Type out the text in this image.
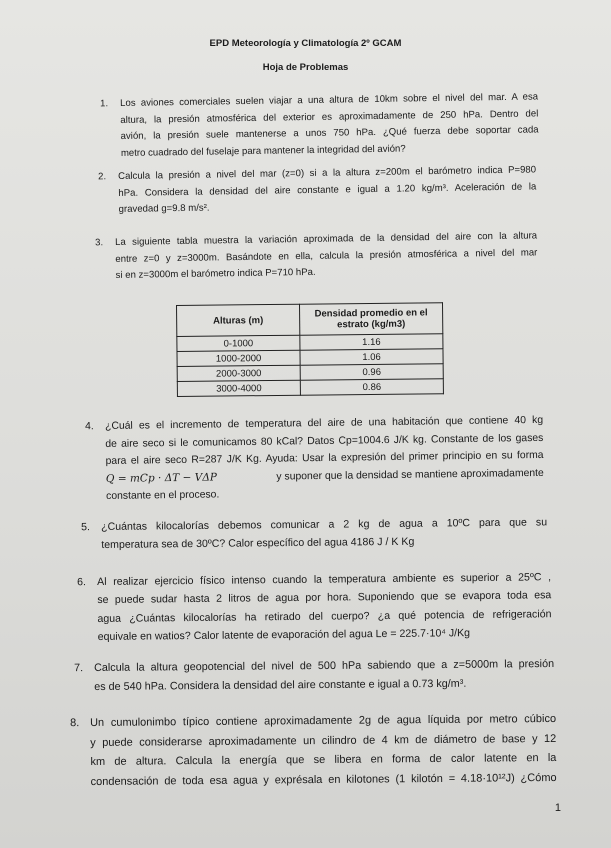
EPD Meteorología y Climatología 2º GCAM
Hoja de Problemas
1. Los aviones comerciales suelen viajar a una altura de 10km sobre el nivel del mar. A esa
altura, la presión atmosférica del exterior es aproximadamente de 250 hPa. Dentro del
avión, la presión suele mantenerse a unos 750 hPa. ¿Qué fuerza debe soportar cada
metro cuadrado del fuselaje para mantener la integridad del avión?
2. Calcula la presión a nivel del mar (z=0) si a la altura z=200m el barómetro indica P=980
hPa. Considera la densidad del aire constante e igual a 1.20 kg/m³. Aceleración de la
gravedad g=9.8 m/s².
3. La siguiente tabla muestra la variación aproximada de la densidad del aire con la altura
entre z=0 y z=3000m. Basándote en ella, calcula la presión atmosférica a nivel del mar
si en z=3000m el barómetro indica P=710 hPa.
Alturas (m)	Densidad promedio en el estrato (kg/m3)
0-1000	1.16
1000-2000	1.06
2000-3000	0.96
3000-4000	0.86
4. ¿Cuál es el incremento de temperatura del aire de una habitación que contiene 40 kg
de aire seco si le comunicamos 80 kCal? Datos Cp=1004.6 J/K kg. Constante de los gases
para el aire seco R=287 J/K Kg. Ayuda: Usar la expresión del primer principio en su forma
Q = mCp · ΔT − VΔP	y suponer que la densidad se mantiene aproximadamente
constante en el proceso.
5. ¿Cuántas kilocalorías debemos comunicar a 2 kg de agua a 10ºC para que su
temperatura sea de 30ºC? Calor específico del agua 4186 J / K Kg
6. Al realizar ejercicio físico intenso cuando la temperatura ambiente es superior a 25ºC ,
se puede sudar hasta 2 litros de agua por hora. Suponiendo que se evapora toda esa
agua ¿Cuántas kilocalorías ha retirado del cuerpo? ¿a qué potencia de refrigeración
equivale en watios? Calor latente de evaporación del agua Le = 225.7·10⁴ J/Kg
7. Calcula la altura geopotencial del nivel de 500 hPa sabiendo que a z=5000m la presión
es de 540 hPa. Considera la densidad del aire constante e igual a 0.73 kg/m³.
8. Un cumulonimbo típico contiene aproximadamente 2g de agua líquida por metro cúbico
y puede considerarse aproximadamente un cilindro de 4 km de diámetro de base y 12
km de altura. Calcula la energía que se libera en forma de calor latente en la
condensación de toda esa agua y exprésala en kilotones (1 kilotón = 4.18·10¹²J) ¿Cómo
1
